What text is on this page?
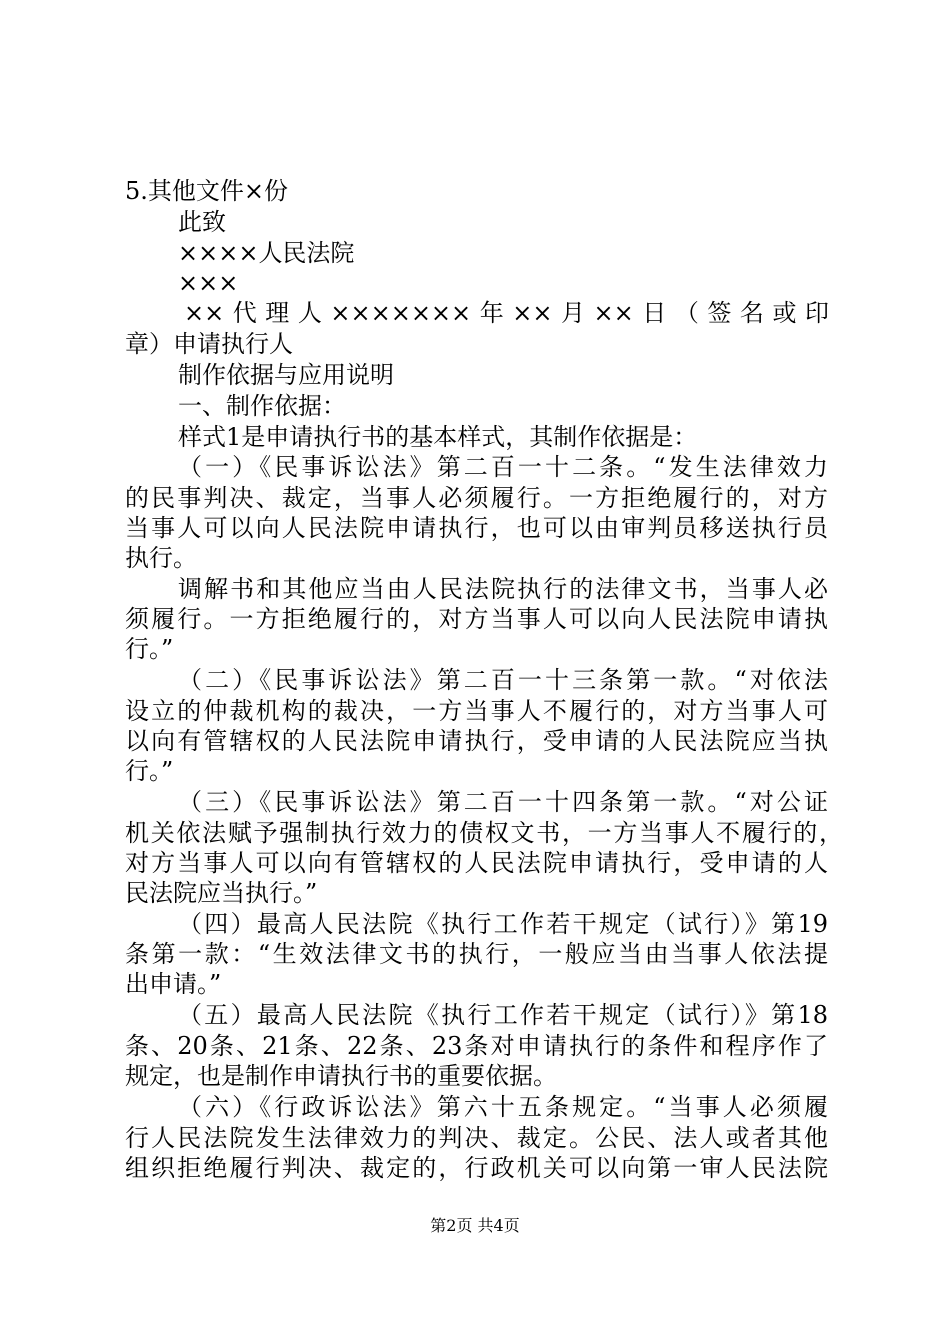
5.其他文件×份
此致
××××人民法院
×××
××代理人×××××××年××月××日（签名或印
章）申请执行人
制作依据与应用说明
一、制作依据：
样式1是申请执行书的基本样式，其制作依据是：
（一）《民事诉讼法》第二百一十二条。“发生法律效力
的民事判决、裁定，当事人必须履行。一方拒绝履行的，对方
当事人可以向人民法院申请执行，也可以由审判员移送执行员
执行。
调解书和其他应当由人民法院执行的法律文书，当事人必
须履行。一方拒绝履行的，对方当事人可以向人民法院申请执
行。”
（二）《民事诉讼法》第二百一十三条第一款。“对依法
设立的仲裁机构的裁决，一方当事人不履行的，对方当事人可
以向有管辖权的人民法院申请执行，受申请的人民法院应当执
行。”
（三）《民事诉讼法》第二百一十四条第一款。“对公证
机关依法赋予强制执行效力的债权文书，一方当事人不履行的，
对方当事人可以向有管辖权的人民法院申请执行，受申请的人
民法院应当执行。”
（四）最高人民法院《执行工作若干规定（试行）》第19
条第一款：“生效法律文书的执行，一般应当由当事人依法提
出申请。”
（五）最高人民法院《执行工作若干规定（试行）》第18
条、20条、21条、22条、23条对申请执行的条件和程序作了
规定，也是制作申请执行书的重要依据。
（六）《行政诉讼法》第六十五条规定。“当事人必须履
行人民法院发生法律效力的判决、裁定。公民、法人或者其他
组织拒绝履行判决、裁定的，行政机关可以向第一审人民法院
第2页 共4页
